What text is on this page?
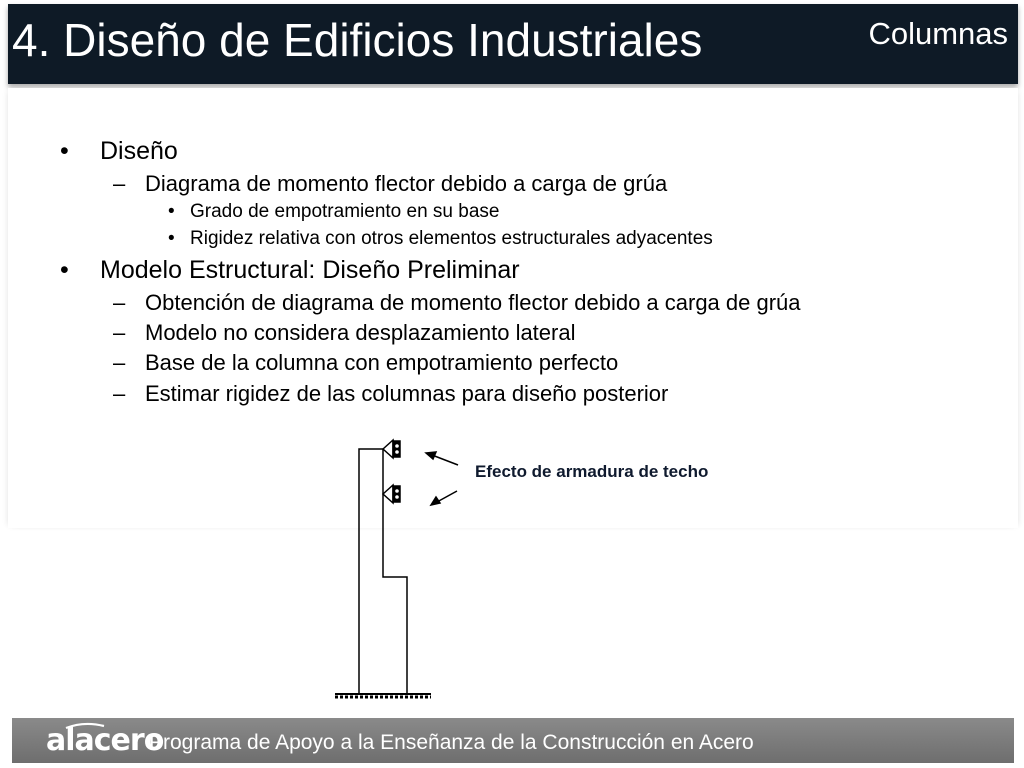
4. Diseño de Edificios Industriales	Columnas
• Diseño
– Diagrama de momento flector debido a carga de grúa
• Grado de empotramiento en su base
• Rigidez relativa con otros elementos estructurales adyacentes
• Modelo Estructural: Diseño Preliminar
– Obtención de diagrama de momento flector debido a carga de grúa
– Modelo no considera desplazamiento lateral
– Base de la columna con empotramiento perfecto
– Estimar rigidez de las columnas para diseño posterior
Efecto de armadura de techo
alacero
Programa de Apoyo a la Enseñanza de la Construcción en Acero
